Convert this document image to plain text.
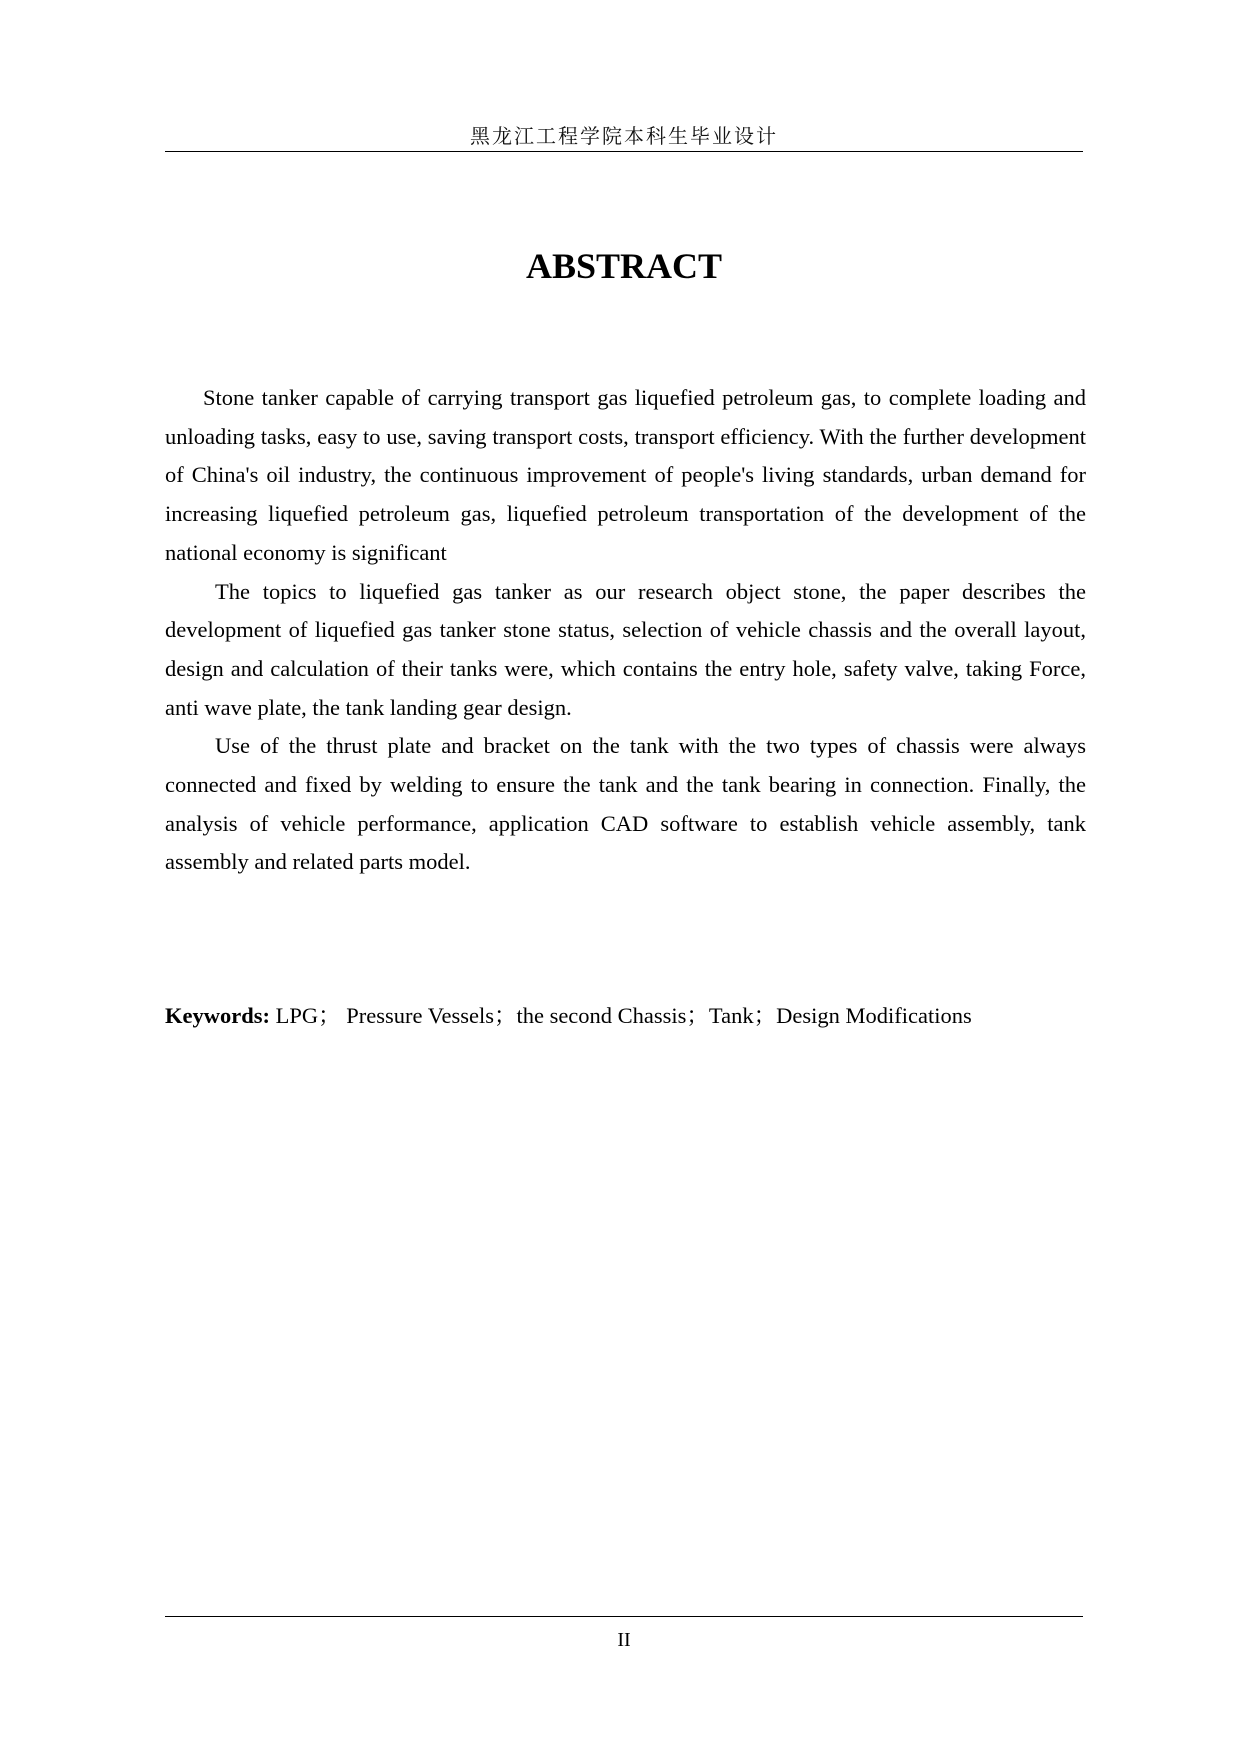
黑龙江工程学院本科生毕业设计
ABSTRACT

Stone tanker capable of carrying transport gas liquefied petroleum gas, to complete loading and unloading tasks, easy to use, saving transport costs, transport efficiency. With the further development of China's oil industry, the continuous improvement of people's living standards, urban demand for increasing liquefied petroleum gas, liquefied petroleum transportation of the development of the national economy is significant

The topics to liquefied gas tanker as our research object stone, the paper describes the development of liquefied gas tanker stone status, selection of vehicle chassis and the overall layout, design and calculation of their tanks were, which contains the entry hole, safety valve, taking Force, anti wave plate, the tank landing gear design.

Use of the thrust plate and bracket on the tank with the two types of chassis were always connected and fixed by welding to ensure the tank and the tank bearing in connection. Finally, the analysis of vehicle performance, application CAD software to establish vehicle assembly, tank assembly and related parts model.

Keywords: LPG； Pressure Vessels；the second Chassis；Tank；Design Modifications
II
